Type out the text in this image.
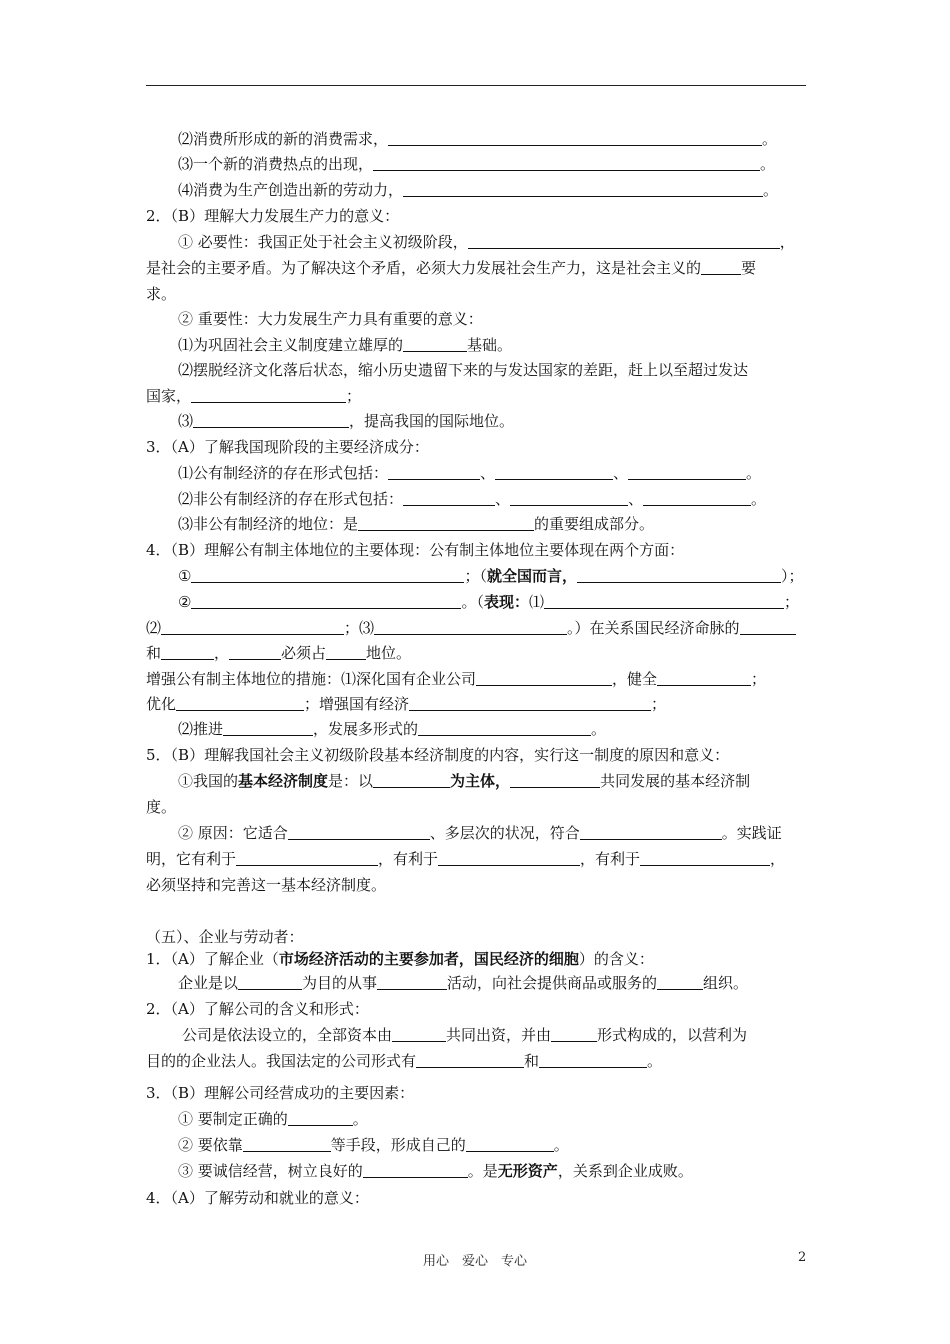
⑵消费所形成的新的消费需求，	。
⑶一个新的消费热点的出现，	。
⑷消费为生产创造出新的劳动力，	。
2．（B）理解大力发展生产力的意义：
① 必要性：我国正处于社会主义初级阶段，	，
是社会的主要矛盾。为了解决这个矛盾，必须大力发展社会生产力，这是社会主义的	要
求。
② 重要性：大力发展生产力具有重要的意义：
⑴为巩固社会主义制度建立雄厚的	基础。
⑵摆脱经济文化落后状态，缩小历史遗留下来的与发达国家的差距，赶上以至超过发达
国家，	；
⑶	，提高我国的国际地位。
3．（A）了解我国现阶段的主要经济成分：
⑴公有制经济的存在形式包括：	、	、	。
⑵非公有制经济的存在形式包括：	、	、	。
⑶非公有制经济的地位：是	的重要组成部分。
4．（B）理解公有制主体地位的主要体现：公有制主体地位主要体现在两个方面：
①	；（就全国而言，	）；
②	。（表现：⑴	；
⑵	；⑶	。）在关系国民经济命脉的
和	，	必须占	地位。
增强公有制主体地位的措施：⑴深化国有企业公司	，健全	；
优化	；增强国有经济	；
⑵推进	，发展多形式的	。
5．（B）理解我国社会主义初级阶段基本经济制度的内容，实行这一制度的原因和意义：
①我国的基本经济制度是：以	为主体，	共同发展的基本经济制
度。
② 原因：它适合	、多层次的状况，符合	。实践证
明，它有利于	，有利于	，有利于	，
必须坚持和完善这一基本经济制度。
（五）、企业与劳动者：
1．（A）了解企业（市场经济活动的主要参加者，国民经济的细胞）的含义：
企业是以	为目的从事	活动，向社会提供商品或服务的	组织。
2．（A）了解公司的含义和形式：
公司是依法设立的，全部资本由	共同出资，并由	形式构成的，以营利为
目的的企业法人。我国法定的公司形式有	和	。
3．（B）理解公司经营成功的主要因素：
① 要制定正确的	。
② 要依靠	等手段，形成自己的	。
③ 要诚信经营，树立良好的	。是无形资产，关系到企业成败。
4．（A）了解劳动和就业的意义：
用心　爱心　专心	2
